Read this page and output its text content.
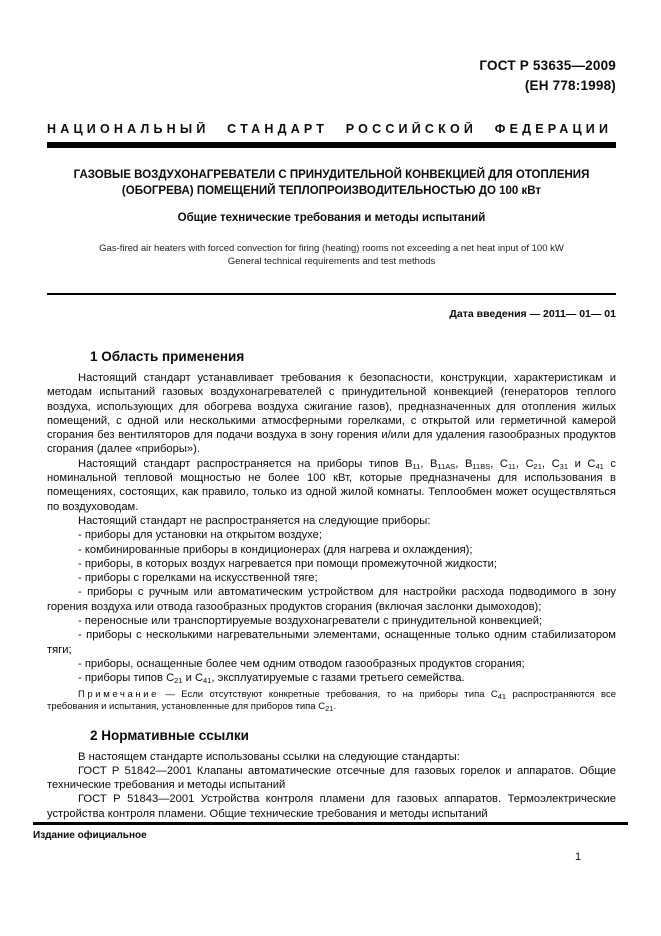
ГОСТ Р 53635—2009
(ЕН 778:1998)
НАЦИОНАЛЬНЫЙ СТАНДАРТ РОССИЙСКОЙ ФЕДЕРАЦИИ
ГАЗОВЫЕ ВОЗДУХОНАГРЕВАТЕЛИ С ПРИНУДИТЕЛЬНОЙ КОНВЕКЦИЕЙ ДЛЯ ОТОПЛЕНИЯ
(ОБОГРЕВА) ПОМЕЩЕНИЙ ТЕПЛОПРОИЗВОДИТЕЛЬНОСТЬЮ ДО 100 кВт
Общие технические требования и методы испытаний
Gas-fired air heaters with forced convection for firing (heating) rooms not exceeding a net heat input of 100 kW
General technical requirements and test methods
Дата введения — 2011— 01— 01
1 Область применения

Настоящий стандарт устанавливает требования к безопасности, конструкции, характеристикам и методам испытаний газовых воздухонагревателей с принудительной конвекцией (генераторов теплого воздуха, использующих для обогрева воздуха сжигание газов), предназначенных для отопления жилых помещений, с одной или несколькими атмосферными горелками, с открытой или герметичной камерой сгорания без вентиляторов для подачи воздуха в зону горения и/или для удаления газообразных продуктов сгорания (далее «приборы»).

Настоящий стандарт распространяется на приборы типов $B_{11}$, $B_{11AS}$, $B_{11BS}$, $C_{11}$, $C_{21}$, $C_{31}$ и $C_{41}$ с номинальной тепловой мощностью не более 100 кВт, которые предназначены для использования в помещениях, состоящих, как правило, только из одной жилой комнаты. Теплообмен может осуществляться по воздуховодам.

Настоящий стандарт не распространяется на следующие приборы:

- приборы для установки на открытом воздухе;

- комбинированные приборы в кондиционерах (для нагрева и охлаждения);

- приборы, в которых воздух нагревается при помощи промежуточной жидкости;

- приборы с горелками на искусственной тяге;

- приборы с ручным или автоматическим устройством для настройки расхода подводимого в зону горения воздуха или отвода газообразных продуктов сгорания (включая заслонки дымоходов);

- переносные или транспортируемые воздухонагреватели с принудительной конвекцией;

- приборы с несколькими нагревательными элементами, оснащенные только одним стабилизатором тяги;

- приборы, оснащенные более чем одним отводом газообразных продуктов сгорания;

- приборы типов $C_{21}$ и $C_{41}$, эксплуатируемые с газами третьего семейства.

Примечание — Если отсутствуют конкретные требования, то на приборы типа $C_{41}$ распространяются все требования и испытания, установленные для приборов типа $C_{21}$.

2 Нормативные ссылки

В настоящем стандарте использованы ссылки на следующие стандарты:

ГОСТ Р 51842—2001 Клапаны автоматические отсечные для газовых горелок и аппаратов. Общие технические требования и методы испытаний

ГОСТ Р 51843—2001 Устройства контроля пламени для газовых аппаратов. Термоэлектрические устройства контроля пламени. Общие технические требования и методы испытаний

Издание официальное
1
